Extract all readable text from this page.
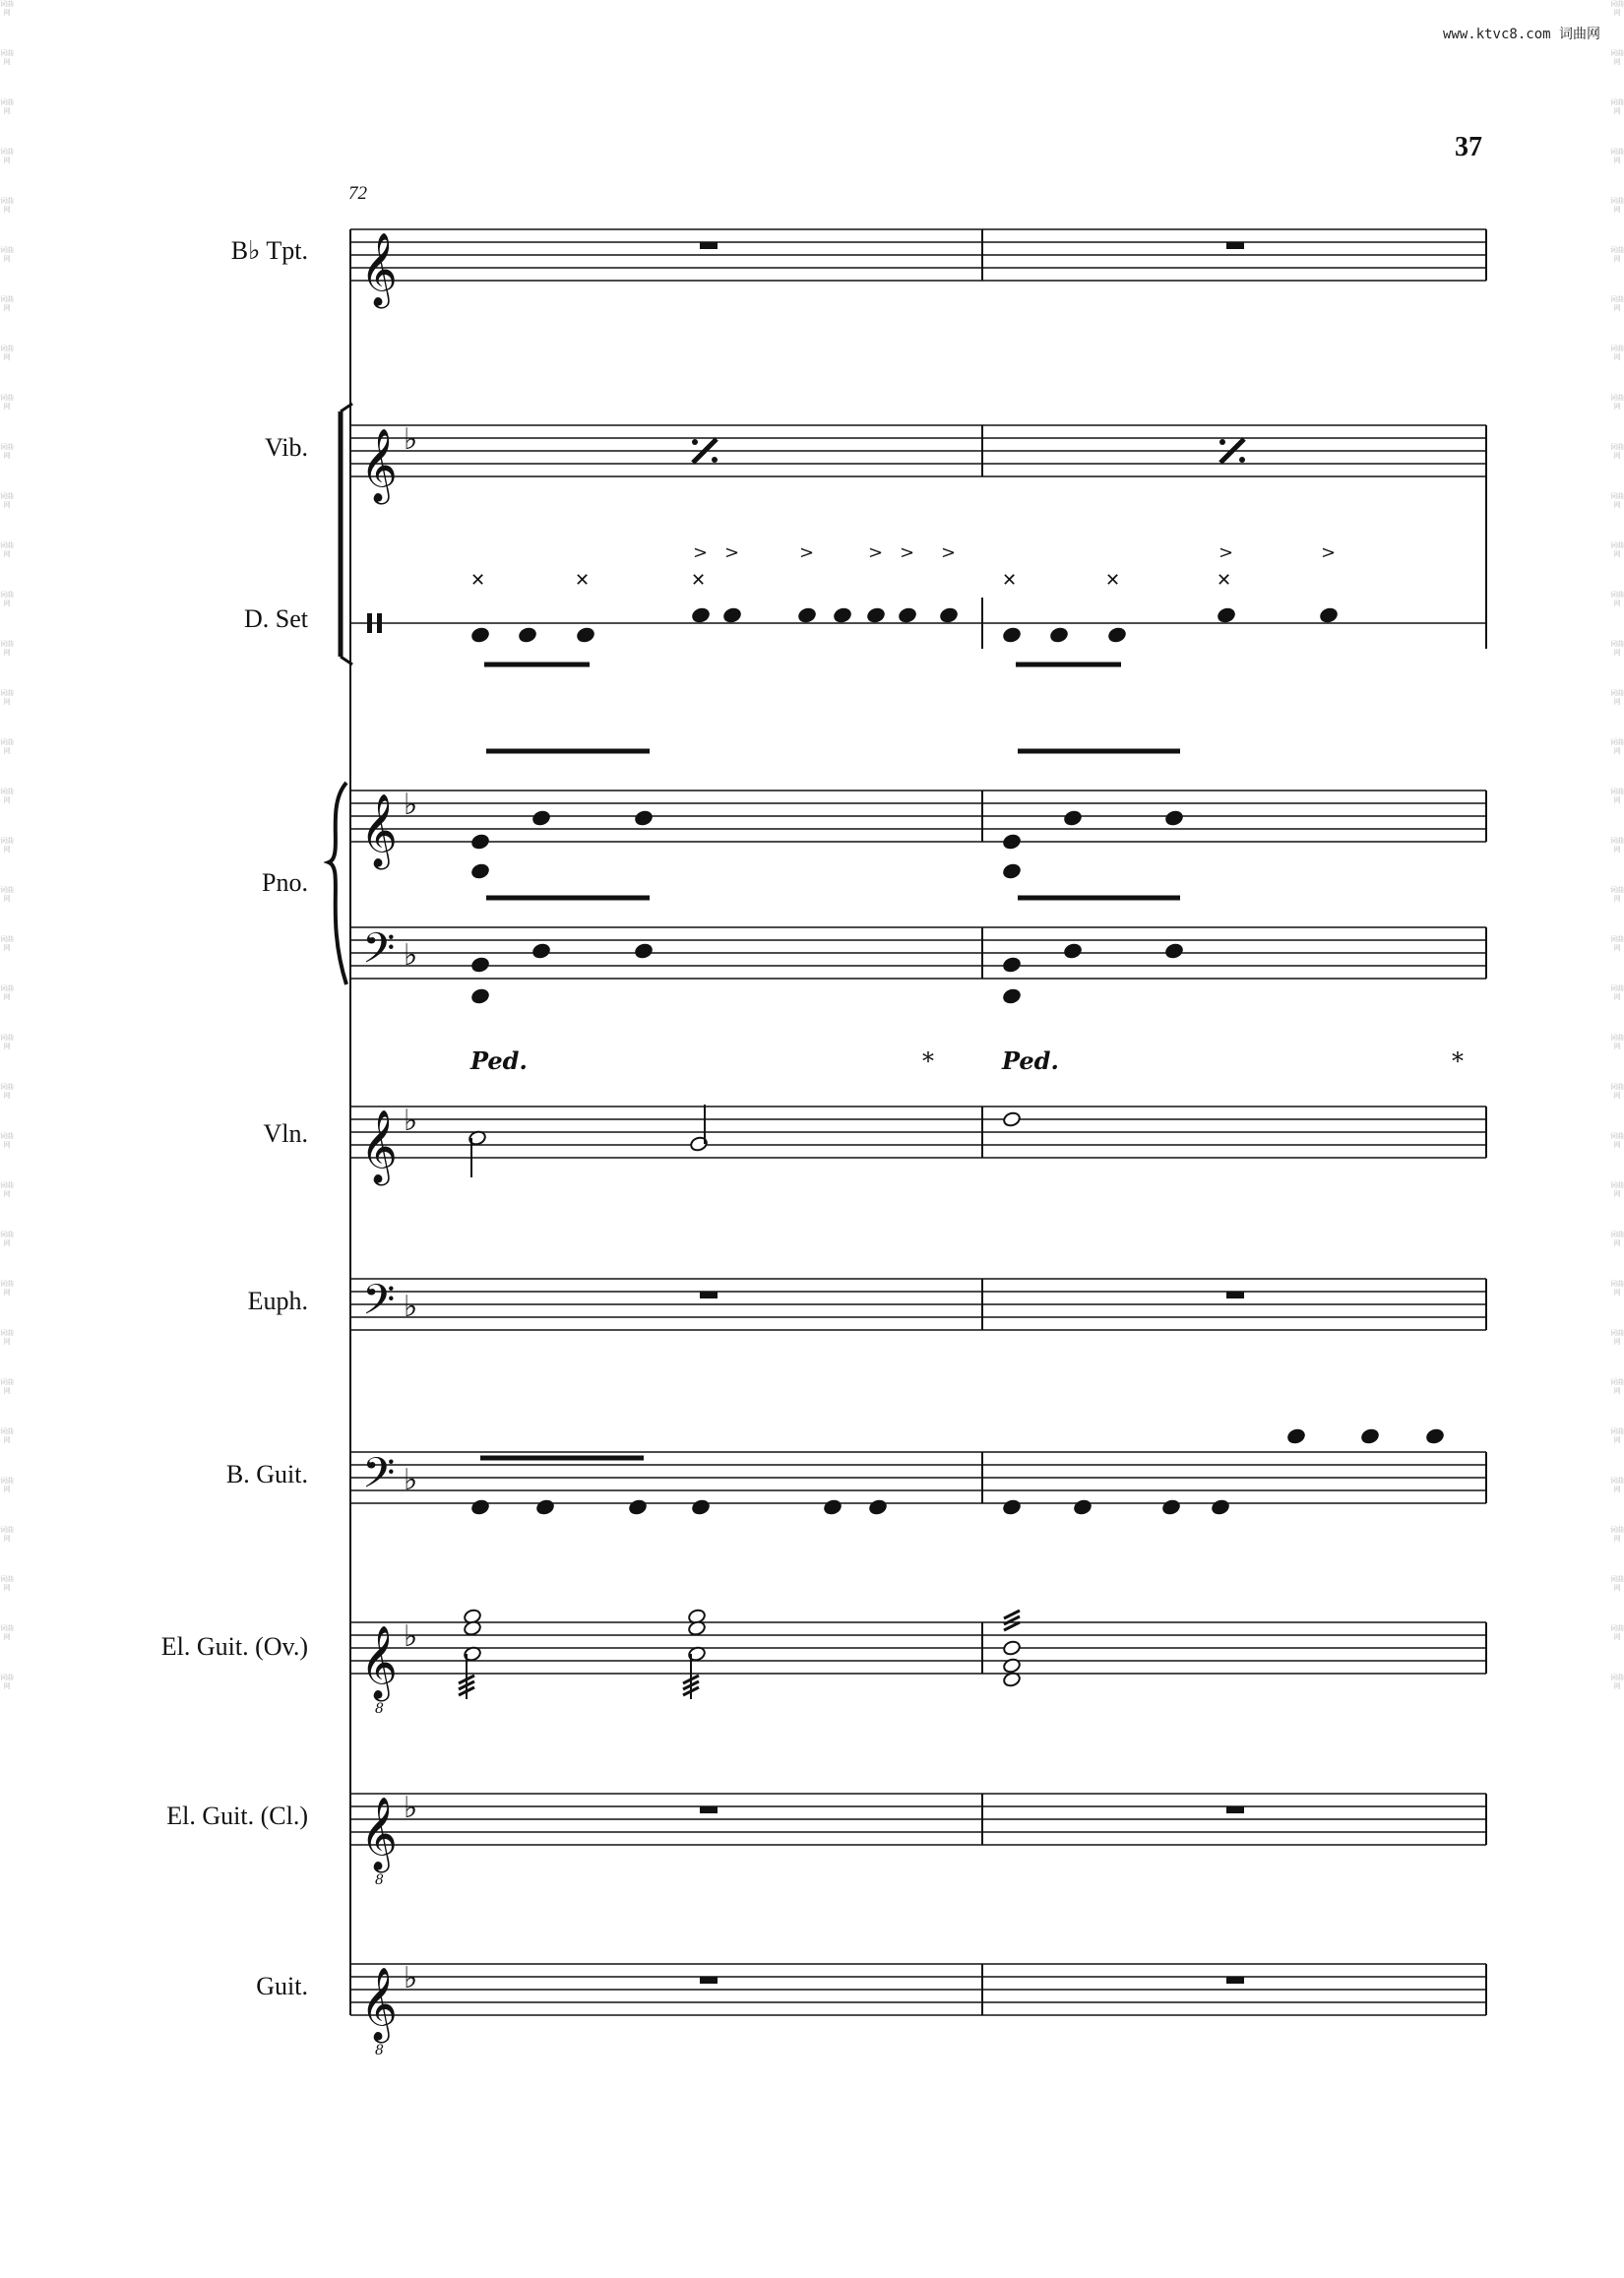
词曲网
词曲网
词曲网
词曲网
词曲网
词曲网
词曲网
词曲网
词曲网
词曲网
词曲网
词曲网
词曲网
词曲网
词曲网
词曲网
词曲网
词曲网
词曲网
词曲网
词曲网
词曲网
词曲网
词曲网
词曲网
词曲网
词曲网
词曲网
词曲网
词曲网
词曲网
词曲网
词曲网
词曲网
词曲网
词曲网
词曲网
词曲网
词曲网
词曲网
词曲网
词曲网
词曲网
词曲网
词曲网
词曲网
词曲网
词曲网
词曲网
词曲网
词曲网
词曲网
词曲网
词曲网
词曲网
词曲网
词曲网
词曲网
词曲网
词曲网
词曲网
词曲网
词曲网
词曲网
词曲网
词曲网
词曲网
词曲网
词曲网
词曲网
www.ktvc8.com 词曲网
37
72
B♭ Tpt.
Vib.
D. Set
Pno.
Vln.
Euph.
B. Guit.
El. Guit. (Ov.)
El. Guit. (Cl.)
Guit.
𝄞
𝄞 ♭
𝄞 ♭
𝄢 ♭
𝄞 ♭
𝄢 ♭
𝄢 ♭
𝄞
8
♭
𝄞
8
♭
𝄞
8
♭
✕	✕	✕	✕	✕	✕
> >	>	> > >	>	>
Ped.	*	Ped.	*
